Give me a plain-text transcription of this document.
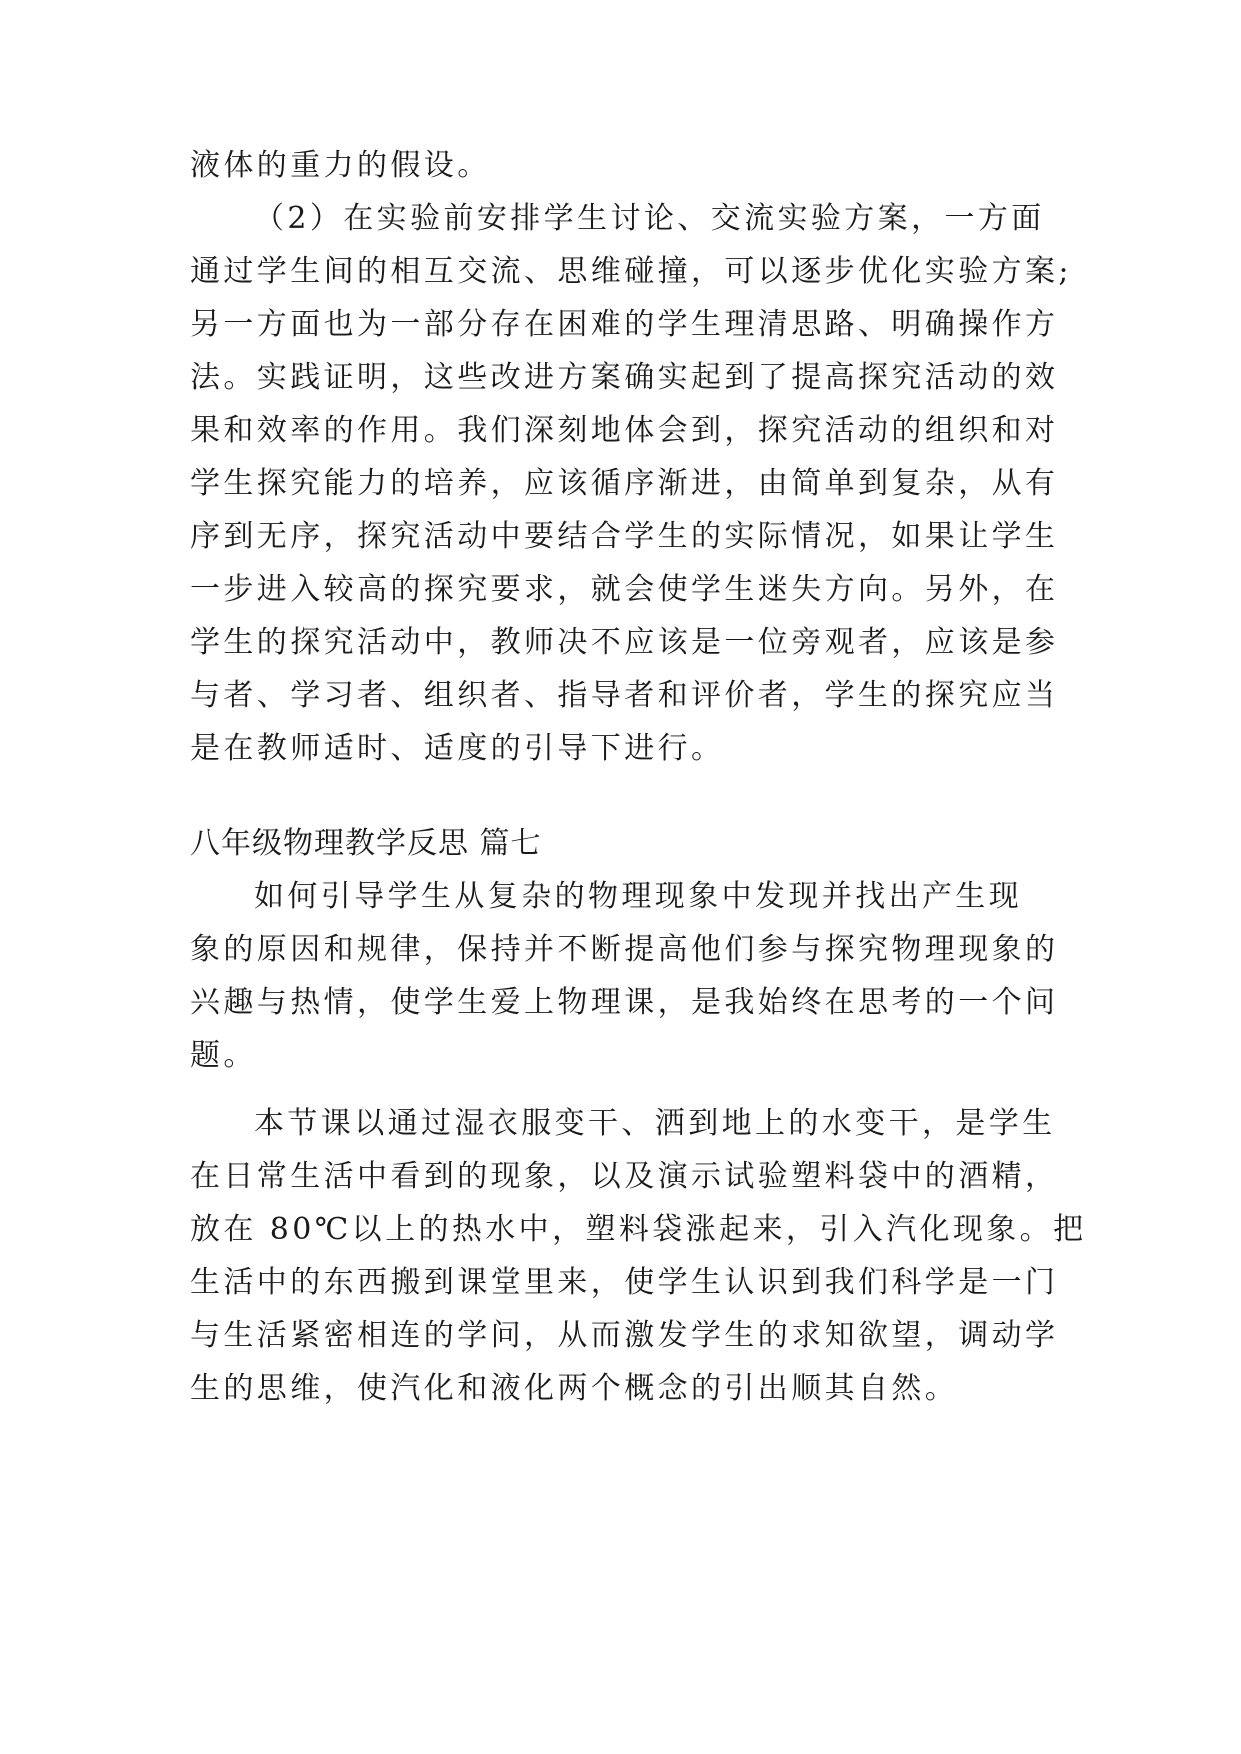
液体的重力的假设。
（2）在实验前安排学生讨论、交流实验方案，一方面
通过学生间的相互交流、思维碰撞，可以逐步优化实验方案;
另一方面也为一部分存在困难的学生理清思路、明确操作方
法。实践证明，这些改进方案确实起到了提高探究活动的效
果和效率的作用。我们深刻地体会到，探究活动的组织和对
学生探究能力的培养，应该循序渐进，由简单到复杂，从有
序到无序，探究活动中要结合学生的实际情况，如果让学生
一步进入较高的探究要求，就会使学生迷失方向。另外，在
学生的探究活动中，教师决不应该是一位旁观者，应该是参
与者、学习者、组织者、指导者和评价者，学生的探究应当
是在教师适时、适度的引导下进行。
八年级物理教学反思 篇七
如何引导学生从复杂的物理现象中发现并找出产生现
象的原因和规律，保持并不断提高他们参与探究物理现象的
兴趣与热情，使学生爱上物理课，是我始终在思考的一个问
题。
本节课以通过湿衣服变干、洒到地上的水变干，是学生
在日常生活中看到的现象，以及演示试验塑料袋中的酒精，
放在 80℃以上的热水中，塑料袋涨起来，引入汽化现象。把
生活中的东西搬到课堂里来，使学生认识到我们科学是一门
与生活紧密相连的学问，从而激发学生的求知欲望，调动学
生的思维，使汽化和液化两个概念的引出顺其自然。
